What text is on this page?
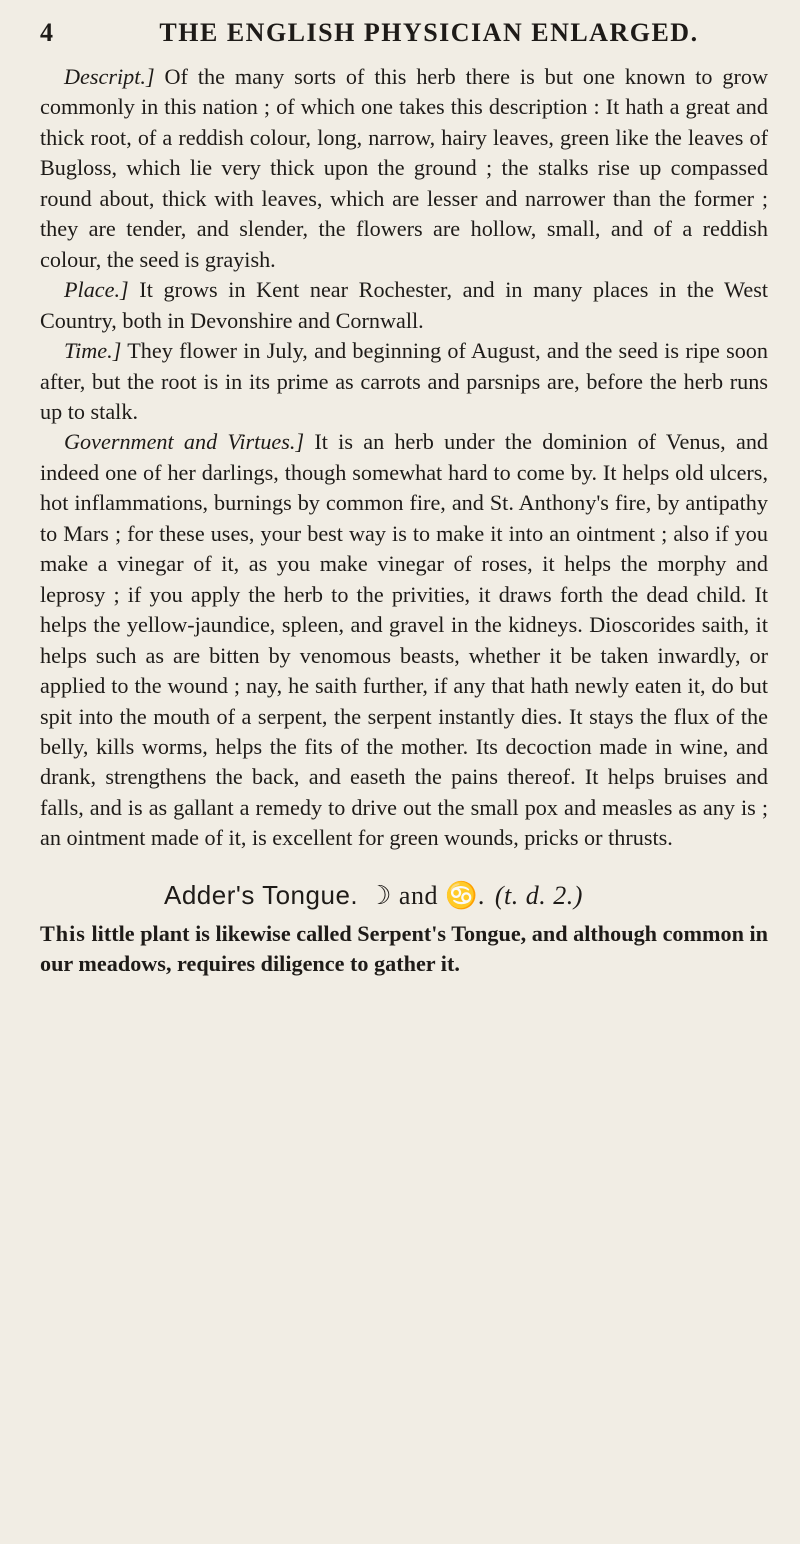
4	THE ENGLISH PHYSICIAN ENLARGED.

Descript.] Of the many sorts of this herb there is but one known to grow commonly in this nation ; of which one takes this description : It hath a great and thick root, of a reddish colour, long, narrow, hairy leaves, green like the leaves of Bugloss, which lie very thick upon the ground ; the stalks rise up compassed round about, thick with leaves, which are lesser and narrower than the former ; they are tender, and slender, the flowers are hollow, small, and of a reddish colour, the seed is grayish.

Place.] It grows in Kent near Rochester, and in many places in the West Country, both in Devonshire and Cornwall.

Time.] They flower in July, and beginning of August, and the seed is ripe soon after, but the root is in its prime as carrots and parsnips are, before the herb runs up to stalk.

Government and Virtues.] It is an herb under the dominion of Venus, and indeed one of her darlings, though somewhat hard to come by. It helps old ulcers, hot inflammations, burnings by common fire, and St. Anthony's fire, by antipathy to Mars ; for these uses, your best way is to make it into an ointment ; also if you make a vinegar of it, as you make vinegar of roses, it helps the morphy and leprosy ; if you apply the herb to the privities, it draws forth the dead child. It helps the yellow-jaundice, spleen, and gravel in the kidneys. Dioscorides saith, it helps such as are bitten by venomous beasts, whether it be taken inwardly, or applied to the wound ; nay, he saith further, if any that hath newly eaten it, do but spit into the mouth of a serpent, the serpent instantly dies. It stays the flux of the belly, kills worms, helps the fits of the mother. Its decoction made in wine, and drank, strengthens the back, and easeth the pains thereof. It helps bruises and falls, and is as gallant a remedy to drive out the small pox and measles as any is ; an ointment made of it, is excellent for green wounds, pricks or thrusts.

Adder's Tongue. ☽ and ♋. (t. d. 2.)
This little plant is likewise called Serpent's Tongue, and although common in our meadows, requires diligence to gather it.
